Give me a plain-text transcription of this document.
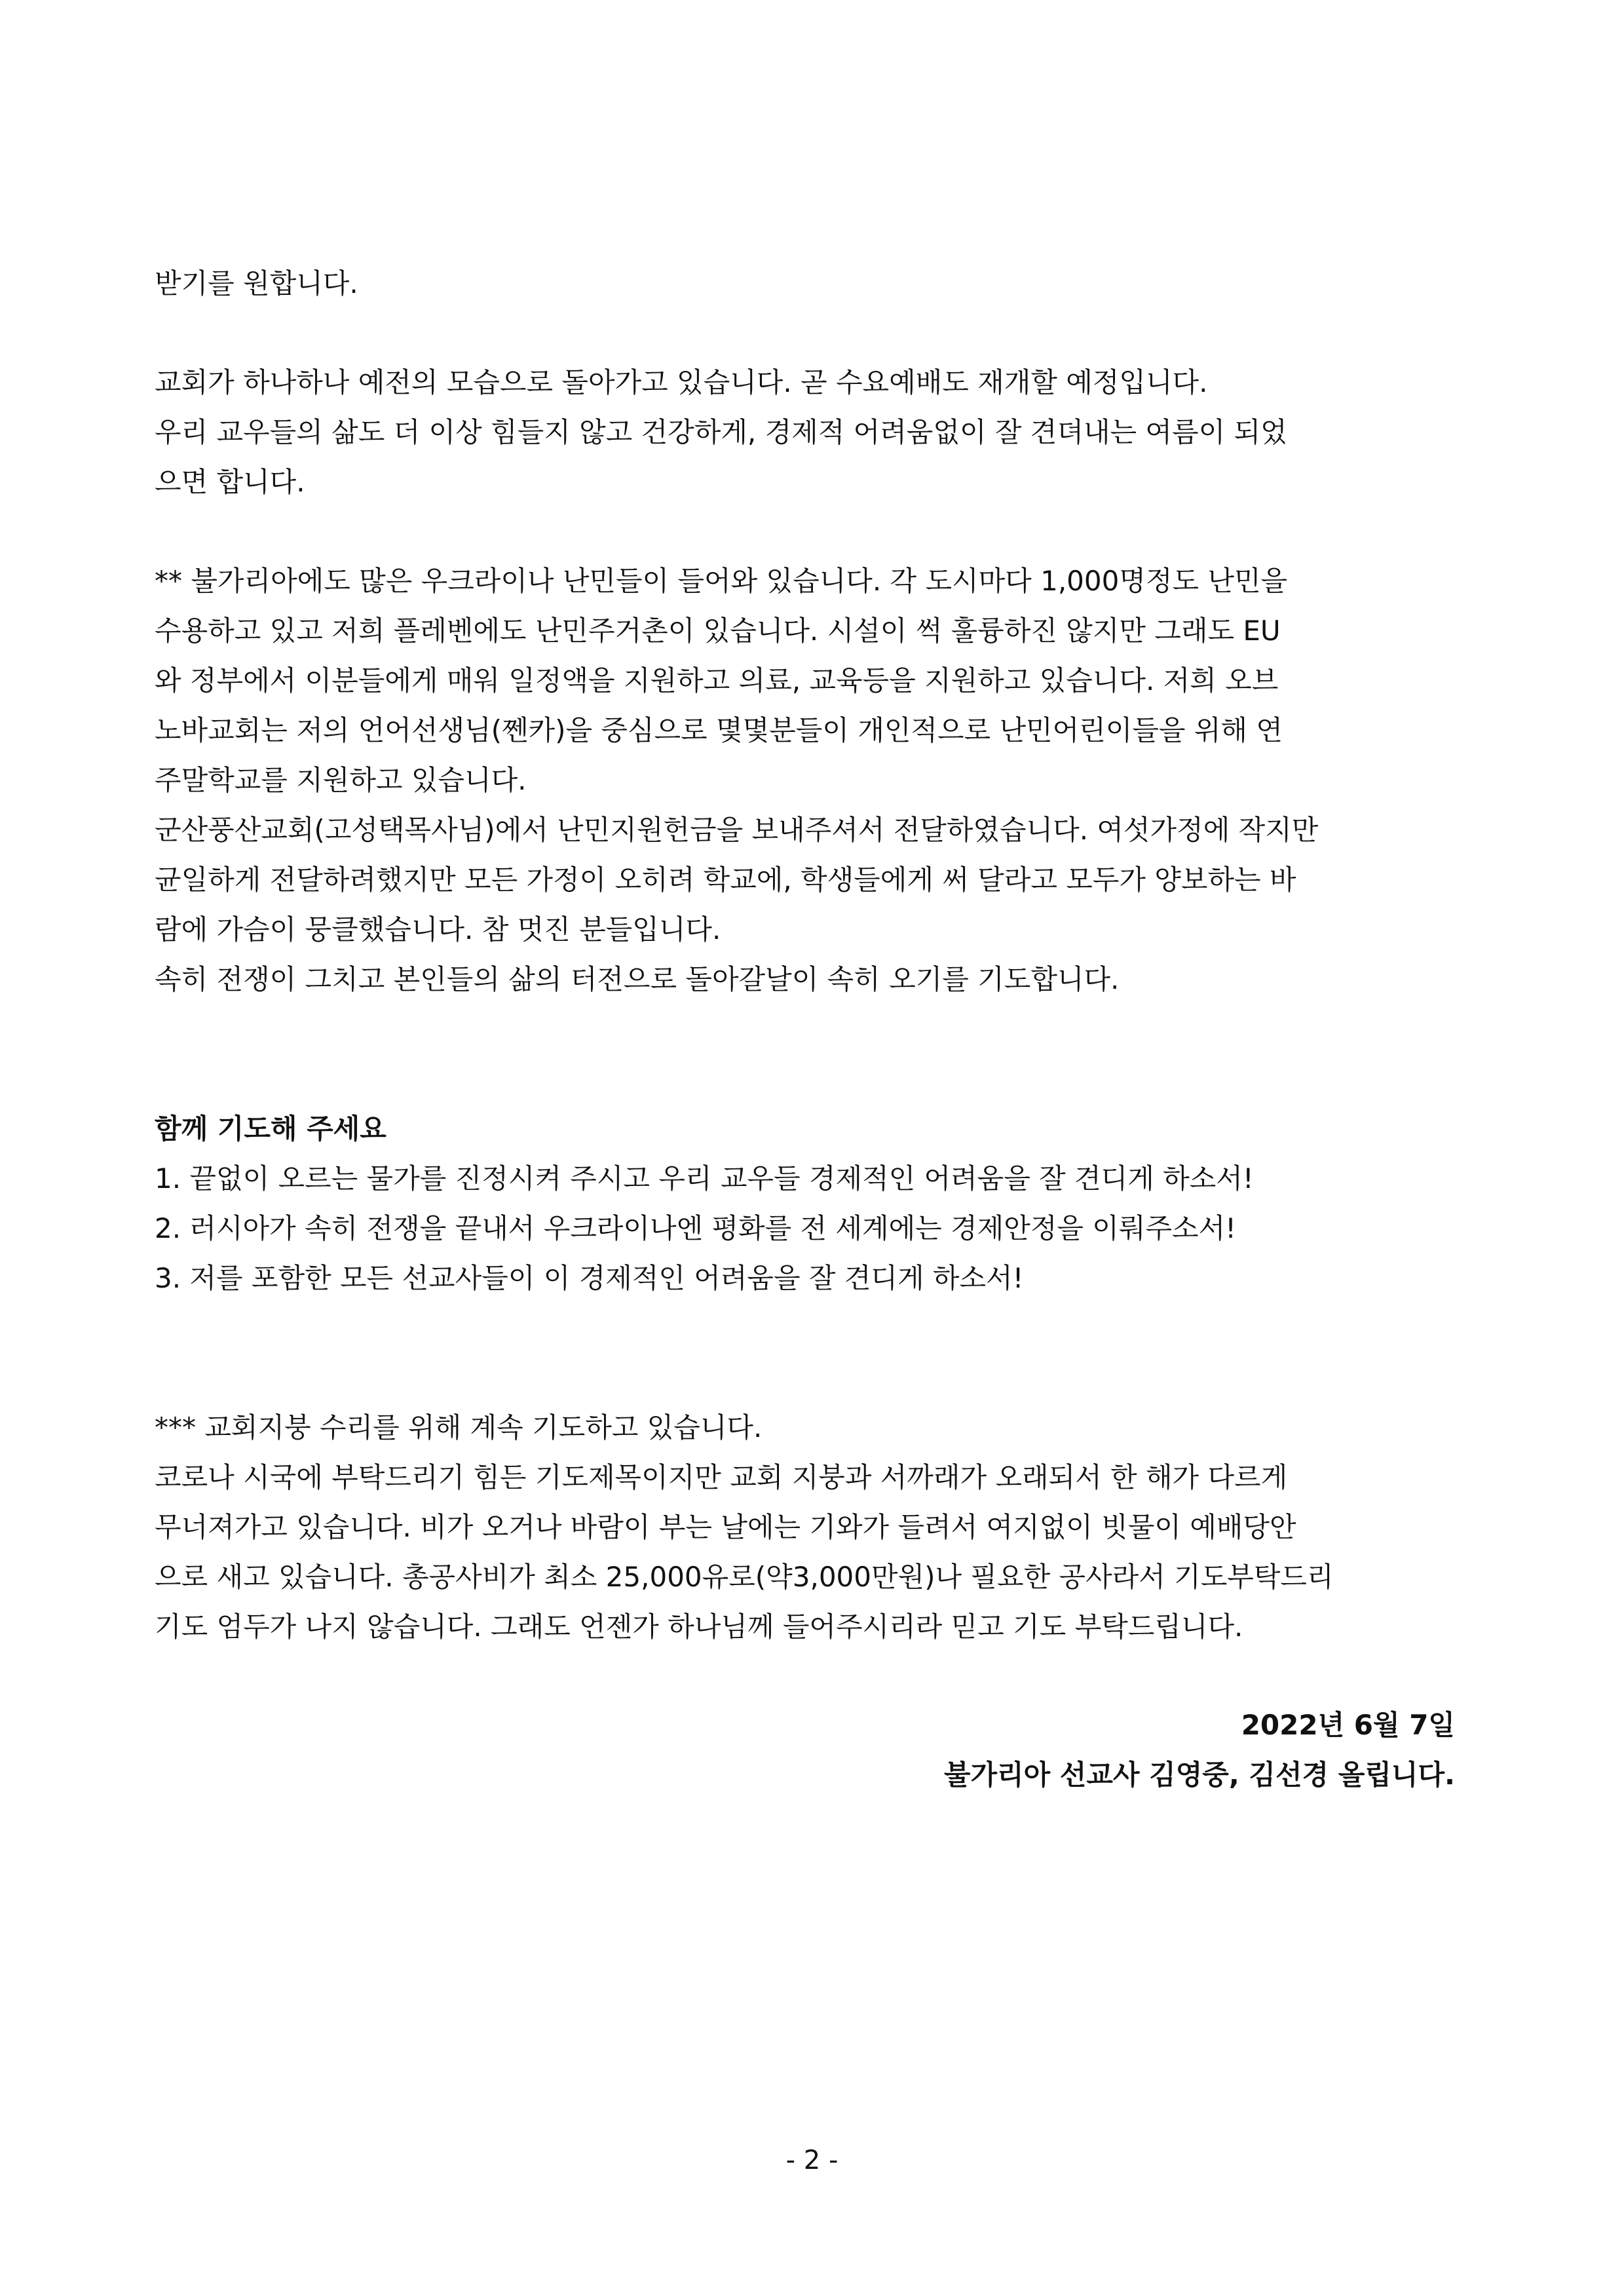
받기를 원합니다.
교회가 하나하나 예전의 모습으로 돌아가고 있습니다. 곧 수요예배도 재개할 예정입니다.
우리 교우들의 삶도 더 이상 힘들지 않고 건강하게, 경제적 어려움없이 잘 견뎌내는 여름이 되었
으면 합니다.
** 불가리아에도 많은 우크라이나 난민들이 들어와 있습니다. 각 도시마다 1,000명정도 난민을
수용하고 있고 저희 플레벤에도 난민주거촌이 있습니다. 시설이 썩 훌륭하진 않지만 그래도 EU
와 정부에서 이분들에게 매워 일정액을 지원하고 의료, 교육등을 지원하고 있습니다. 저희 오브
노바교회는 저의 언어선생님(쩬카)을 중심으로 몇몇분들이 개인적으로 난민어린이들을 위해 연
주말학교를 지원하고 있습니다.
군산풍산교회(고성택목사님)에서 난민지원헌금을 보내주셔서 전달하였습니다. 여섯가정에 작지만
균일하게 전달하려했지만 모든 가정이 오히려 학교에, 학생들에게 써 달라고 모두가 양보하는 바
람에 가슴이 뭉클했습니다. 참 멋진 분들입니다.
속히 전쟁이 그치고 본인들의 삶의 터전으로 돌아갈날이 속히 오기를 기도합니다.
함께 기도해 주세요
1. 끝없이 오르는 물가를 진정시켜 주시고 우리 교우들 경제적인 어려움을 잘 견디게 하소서!
2. 러시아가 속히 전쟁을 끝내서 우크라이나엔 평화를 전 세계에는 경제안정을 이뤄주소서!
3. 저를 포함한 모든 선교사들이 이 경제적인 어려움을 잘 견디게 하소서!
*** 교회지붕 수리를 위해 계속 기도하고 있습니다.
코로나 시국에 부탁드리기 힘든 기도제목이지만 교회 지붕과 서까래가 오래되서 한 해가 다르게
무너져가고 있습니다. 비가 오거나 바람이 부는 날에는 기와가 들려서 여지없이 빗물이 예배당안
으로 새고 있습니다. 총공사비가 최소 25,000유로(약3,000만원)나 필요한 공사라서 기도부탁드리
기도 엄두가 나지 않습니다. 그래도 언젠가 하나님께 들어주시리라 믿고 기도 부탁드립니다.
2022년 6월 7일
불가리아 선교사 김영중, 김선경 올립니다.
- 2 -
